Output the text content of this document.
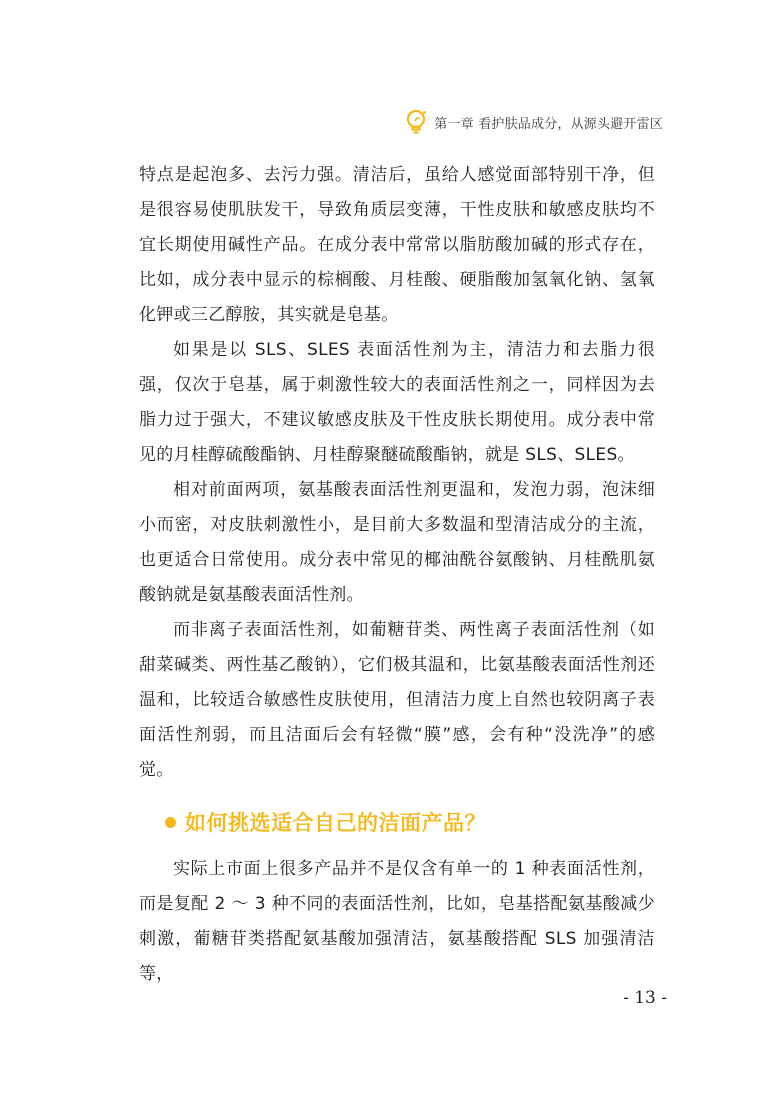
第一章 看护肤品成分，从源头避开雷区

特点是起泡多、去污力强。清洁后，虽给人感觉面部特别干净，但是很容易使肌肤发干，导致角质层变薄，干性皮肤和敏感皮肤均不宜长期使用碱性产品。在成分表中常常以脂肪酸加碱的形式存在，比如，成分表中显示的棕榈酸、月桂酸、硬脂酸加氢氧化钠、氢氧化钾或三乙醇胺，其实就是皂基。

如果是以 SLS、SLES 表面活性剂为主，清洁力和去脂力很强，仅次于皂基，属于刺激性较大的表面活性剂之一，同样因为去脂力过于强大，不建议敏感皮肤及干性皮肤长期使用。成分表中常见的月桂醇硫酸酯钠、月桂醇聚醚硫酸酯钠，就是 SLS、SLES。

相对前面两项，氨基酸表面活性剂更温和，发泡力弱，泡沫细小而密，对皮肤刺激性小，是目前大多数温和型清洁成分的主流，也更适合日常使用。成分表中常见的椰油酰谷氨酸钠、月桂酰肌氨酸钠就是氨基酸表面活性剂。

而非离子表面活性剂，如葡糖苷类、两性离子表面活性剂（如甜菜碱类、两性基乙酸钠），它们极其温和，比氨基酸表面活性剂还温和，比较适合敏感性皮肤使用，但清洁力度上自然也较阴离子表面活性剂弱，而且洁面后会有轻微“膜”感，会有种“没洗净”的感觉。

如何挑选适合自己的洁面产品？

实际上市面上很多产品并不是仅含有单一的 1 种表面活性剂，而是复配 2 ～ 3 种不同的表面活性剂，比如，皂基搭配氨基酸减少刺激，葡糖苷类搭配氨基酸加强清洁，氨基酸搭配 SLS 加强清洁等，

- 13 -
